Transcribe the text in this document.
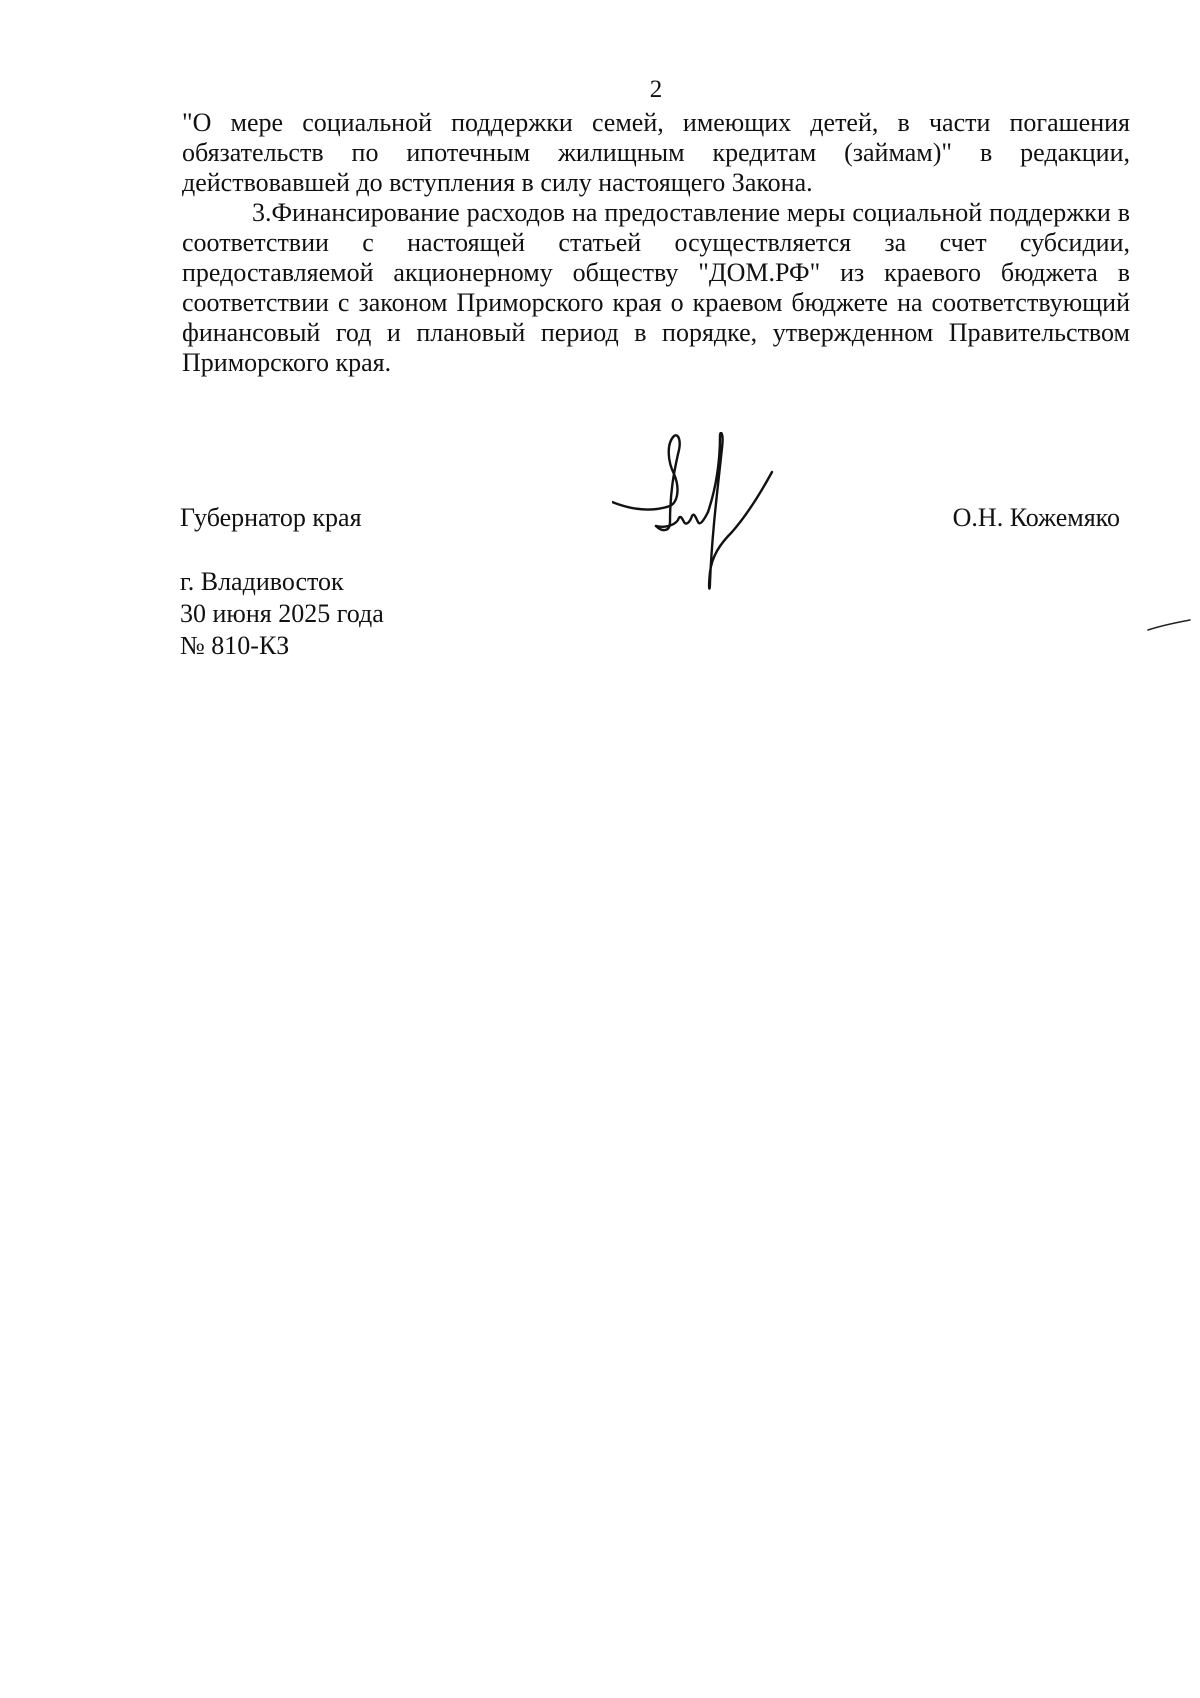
2

"О мере социальной поддержки семей, имеющих детей, в части погашения обязательств по ипотечным жилищным кредитам (займам)" в редакции, действовавшей до вступления в силу настоящего Закона.

3.Финансирование расходов на предоставление меры социальной поддержки в соответствии с настоящей статьей осуществляется за счет субсидии, предоставляемой акционерному обществу "ДОМ.РФ" из краевого бюджета в соответствии с законом Приморского края о краевом бюджете на соответствующий финансовый год и плановый период в порядке, утвержденном Правительством Приморского края.

Губернатор края	О.Н. Кожемяко
г. Владивосток
30 июня 2025 года
№ 810-КЗ
